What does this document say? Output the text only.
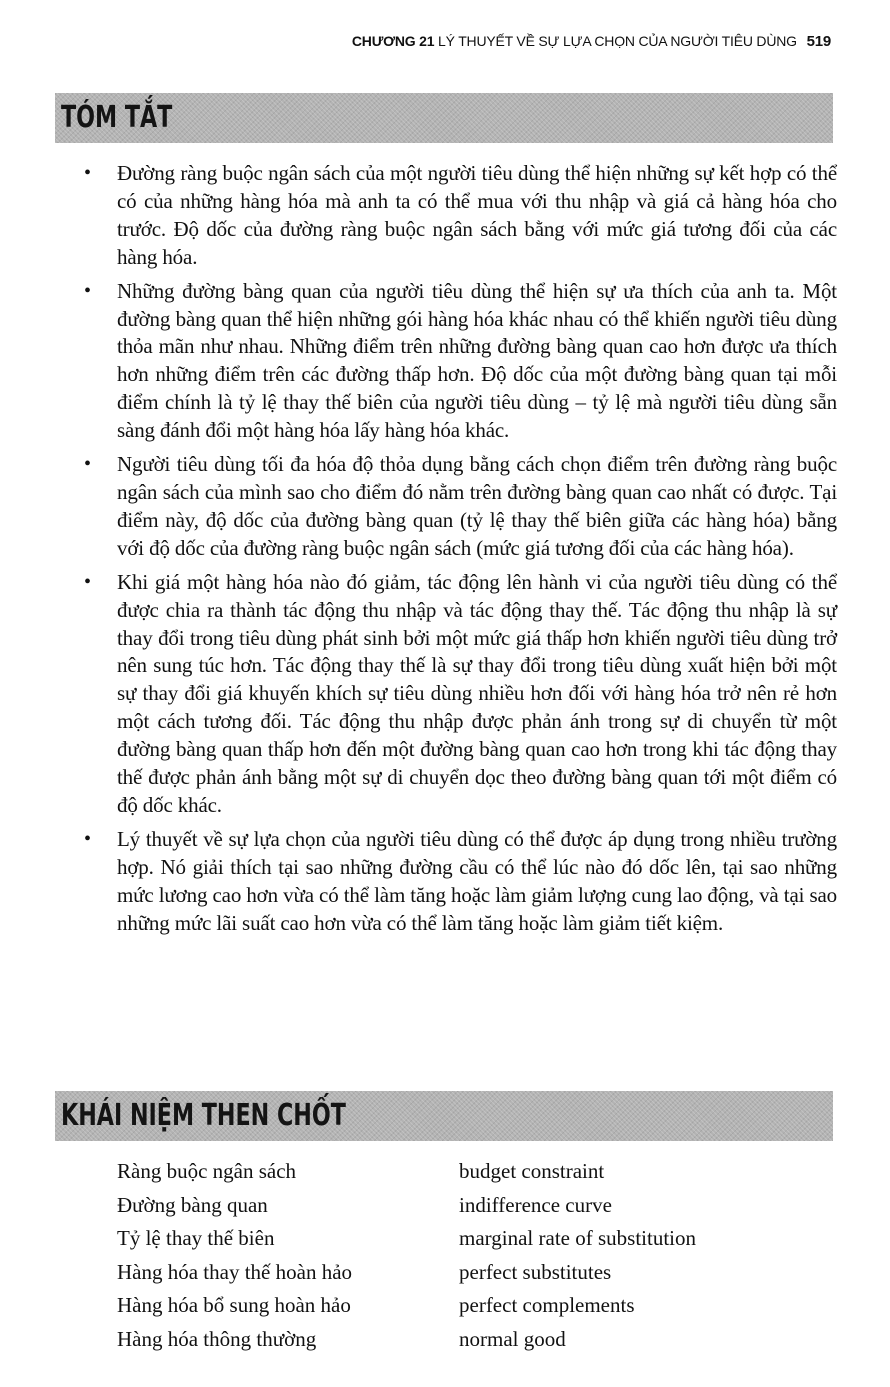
CHƯƠNG 21 LÝ THUYẾT VỀ SỰ LỰA CHỌN CỦA NGƯỜI TIÊU DÙNG 519
TÓM TẮT
• Đường ràng buộc ngân sách của một người tiêu dùng thể hiện những sự kết hợp có thể có của những hàng hóa mà anh ta có thể mua với thu nhập và giá cả hàng hóa cho trước. Độ dốc của đường ràng buộc ngân sách bằng với mức giá tương đối của các hàng hóa.
• Những đường bàng quan của người tiêu dùng thể hiện sự ưa thích của anh ta. Một đường bàng quan thể hiện những gói hàng hóa khác nhau có thể khiến người tiêu dùng thỏa mãn như nhau. Những điểm trên những đường bàng quan cao hơn được ưa thích hơn những điểm trên các đường thấp hơn. Độ dốc của một đường bàng quan tại mỗi điểm chính là tỷ lệ thay thế biên của người tiêu dùng – tỷ lệ mà người tiêu dùng sẵn sàng đánh đổi một hàng hóa lấy hàng hóa khác.
• Người tiêu dùng tối đa hóa độ thỏa dụng bằng cách chọn điểm trên đường ràng buộc ngân sách của mình sao cho điểm đó nằm trên đường bàng quan cao nhất có được. Tại điểm này, độ dốc của đường bàng quan (tỷ lệ thay thế biên giữa các hàng hóa) bằng với độ dốc của đường ràng buộc ngân sách (mức giá tương đối của các hàng hóa).
• Khi giá một hàng hóa nào đó giảm, tác động lên hành vi của người tiêu dùng có thể được chia ra thành tác động thu nhập và tác động thay thế. Tác động thu nhập là sự thay đổi trong tiêu dùng phát sinh bởi một mức giá thấp hơn khiến người tiêu dùng trở nên sung túc hơn. Tác động thay thế là sự thay đổi trong tiêu dùng xuất hiện bởi một sự thay đổi giá khuyến khích sự tiêu dùng nhiều hơn đối với hàng hóa trở nên rẻ hơn một cách tương đối. Tác động thu nhập được phản ánh trong sự di chuyển từ một đường bàng quan thấp hơn đến một đường bàng quan cao hơn trong khi tác động thay thế được phản ánh bằng một sự di chuyển dọc theo đường bàng quan tới một điểm có độ dốc khác.
• Lý thuyết về sự lựa chọn của người tiêu dùng có thể được áp dụng trong nhiều trường hợp. Nó giải thích tại sao những đường cầu có thể lúc nào đó dốc lên, tại sao những mức lương cao hơn vừa có thể làm tăng hoặc làm giảm lượng cung lao động, và tại sao những mức lãi suất cao hơn vừa có thể làm tăng hoặc làm giảm tiết kiệm.
KHÁI NIỆM THEN CHỐT
Ràng buộc ngân sách	budget constraint
Đường bàng quan	indifference curve
Tỷ lệ thay thế biên	marginal rate of substitution
Hàng hóa thay thế hoàn hảo	perfect substitutes
Hàng hóa bổ sung hoàn hảo	perfect complements
Hàng hóa thông thường	normal good
